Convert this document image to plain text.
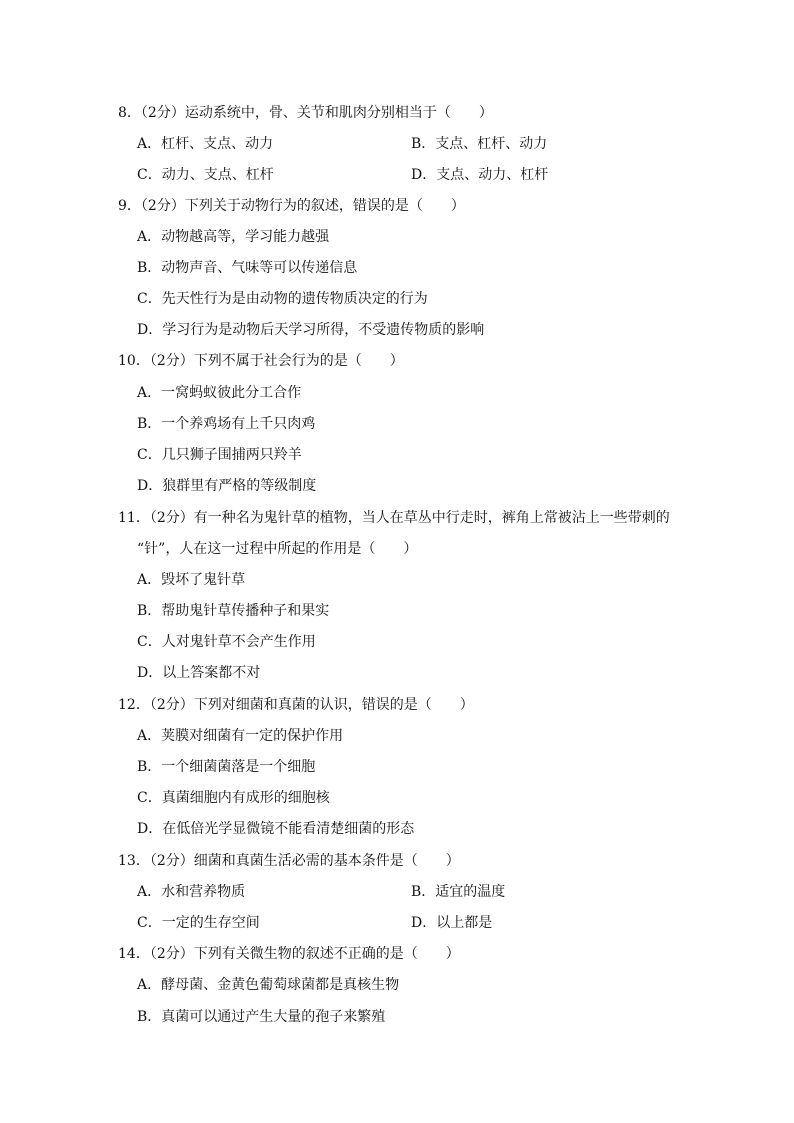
8．（2分）运动系统中，骨、关节和肌肉分别相当于（　　）
A．杠杆、支点、动力	B．支点、杠杆、动力
C．动力、支点、杠杆	D．支点、动力、杠杆
9．（2分）下列关于动物行为的叙述，错误的是（　　）
A．动物越高等，学习能力越强
B．动物声音、气味等可以传递信息
C．先天性行为是由动物的遗传物质决定的行为
D．学习行为是动物后天学习所得，不受遗传物质的影响
10．（2分）下列不属于社会行为的是（　　）
A．一窝蚂蚁彼此分工合作
B．一个养鸡场有上千只肉鸡
C．几只狮子围捕两只羚羊
D．狼群里有严格的等级制度
11．（2分）有一种名为鬼针草的植物，当人在草丛中行走时，裤角上常被沾上一些带刺的
“针”，人在这一过程中所起的作用是（　　）
A．毁坏了鬼针草
B．帮助鬼针草传播种子和果实
C．人对鬼针草不会产生作用
D．以上答案都不对
12．（2分）下列对细菌和真菌的认识，错误的是（　　）
A．荚膜对细菌有一定的保护作用
B．一个细菌菌落是一个细胞
C．真菌细胞内有成形的细胞核
D．在低倍光学显微镜不能看清楚细菌的形态
13．（2分）细菌和真菌生活必需的基本条件是（　　）
A．水和营养物质	B．适宜的温度
C．一定的生存空间	D．以上都是
14．（2分）下列有关微生物的叙述不正确的是（　　）
A．酵母菌、金黄色葡萄球菌都是真核生物
B．真菌可以通过产生大量的孢子来繁殖
